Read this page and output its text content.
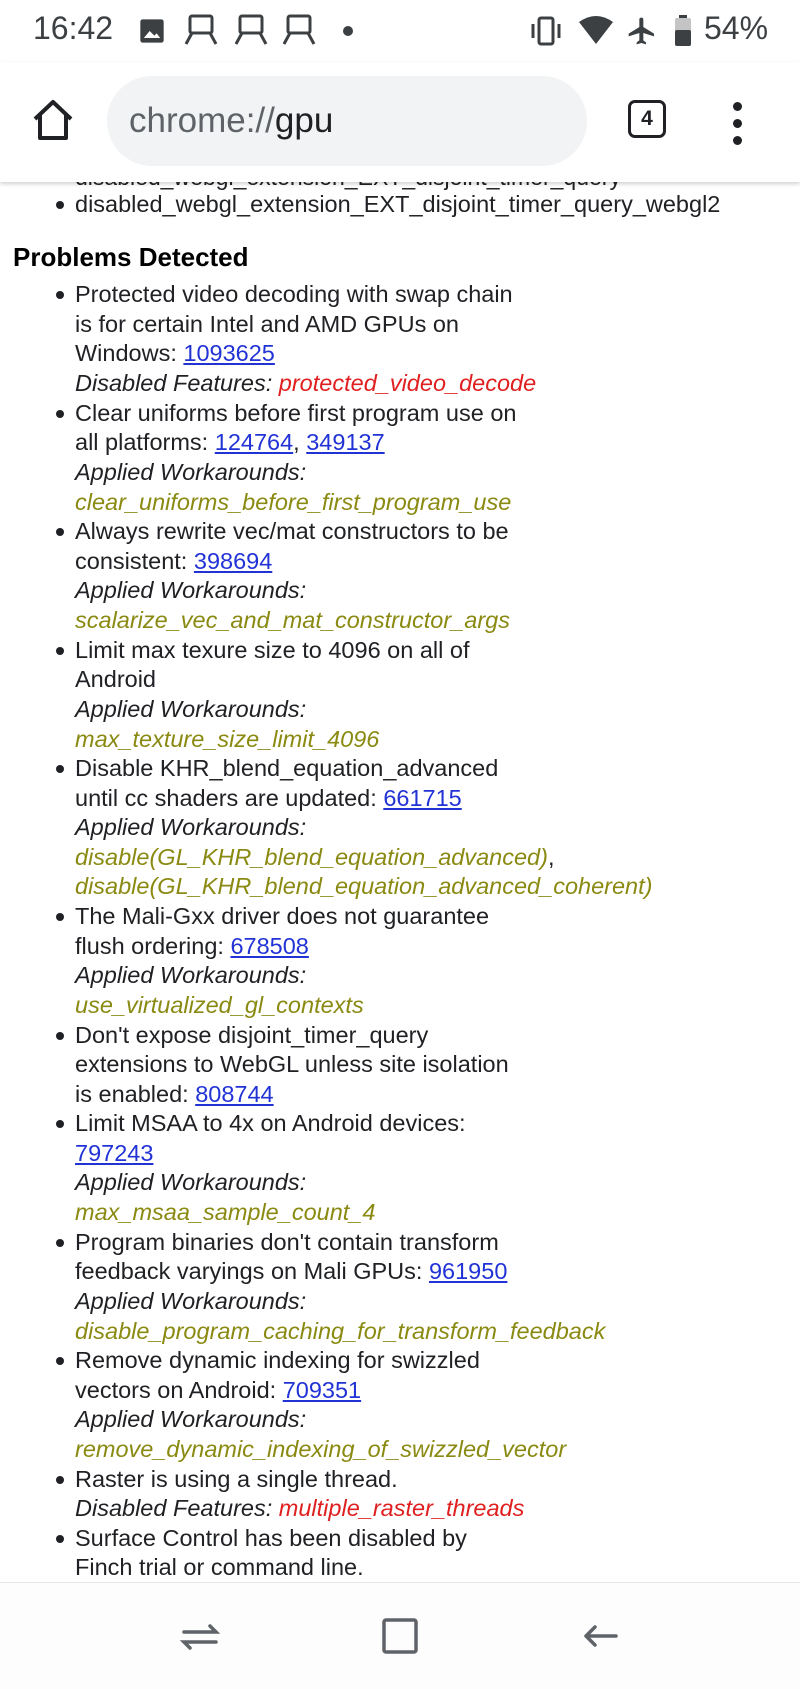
16:42	54%
chrome:// gpu	4
disabled_webgl_extension_EXT_disjoint_timer_query_webgl2
Problems Detected
Protected video decoding with swap chain
is for certain Intel and AMD GPUs on
Windows: 1093625
Disabled Features: protected_video_decode
Clear uniforms before first program use on
all platforms: 124764, 349137
Applied Workarounds:
clear_uniforms_before_first_program_use
Always rewrite vec/mat constructors to be
consistent: 398694
Applied Workarounds:
scalarize_vec_and_mat_constructor_args
Limit max texure size to 4096 on all of
Android
Applied Workarounds:
max_texture_size_limit_4096
Disable KHR_blend_equation_advanced
until cc shaders are updated: 661715
Applied Workarounds:
disable(GL_KHR_blend_equation_advanced),
disable(GL_KHR_blend_equation_advanced_coherent)
The Mali-Gxx driver does not guarantee
flush ordering: 678508
Applied Workarounds:
use_virtualized_gl_contexts
Don't expose disjoint_timer_query
extensions to WebGL unless site isolation
is enabled: 808744
Limit MSAA to 4x on Android devices:
797243
Applied Workarounds:
max_msaa_sample_count_4
Program binaries don't contain transform
feedback varyings on Mali GPUs: 961950
Applied Workarounds:
disable_program_caching_for_transform_feedback
Remove dynamic indexing for swizzled
vectors on Android: 709351
Applied Workarounds:
remove_dynamic_indexing_of_swizzled_vector
Raster is using a single thread.
Disabled Features: multiple_raster_threads
Surface Control has been disabled by
Finch trial or command line.
